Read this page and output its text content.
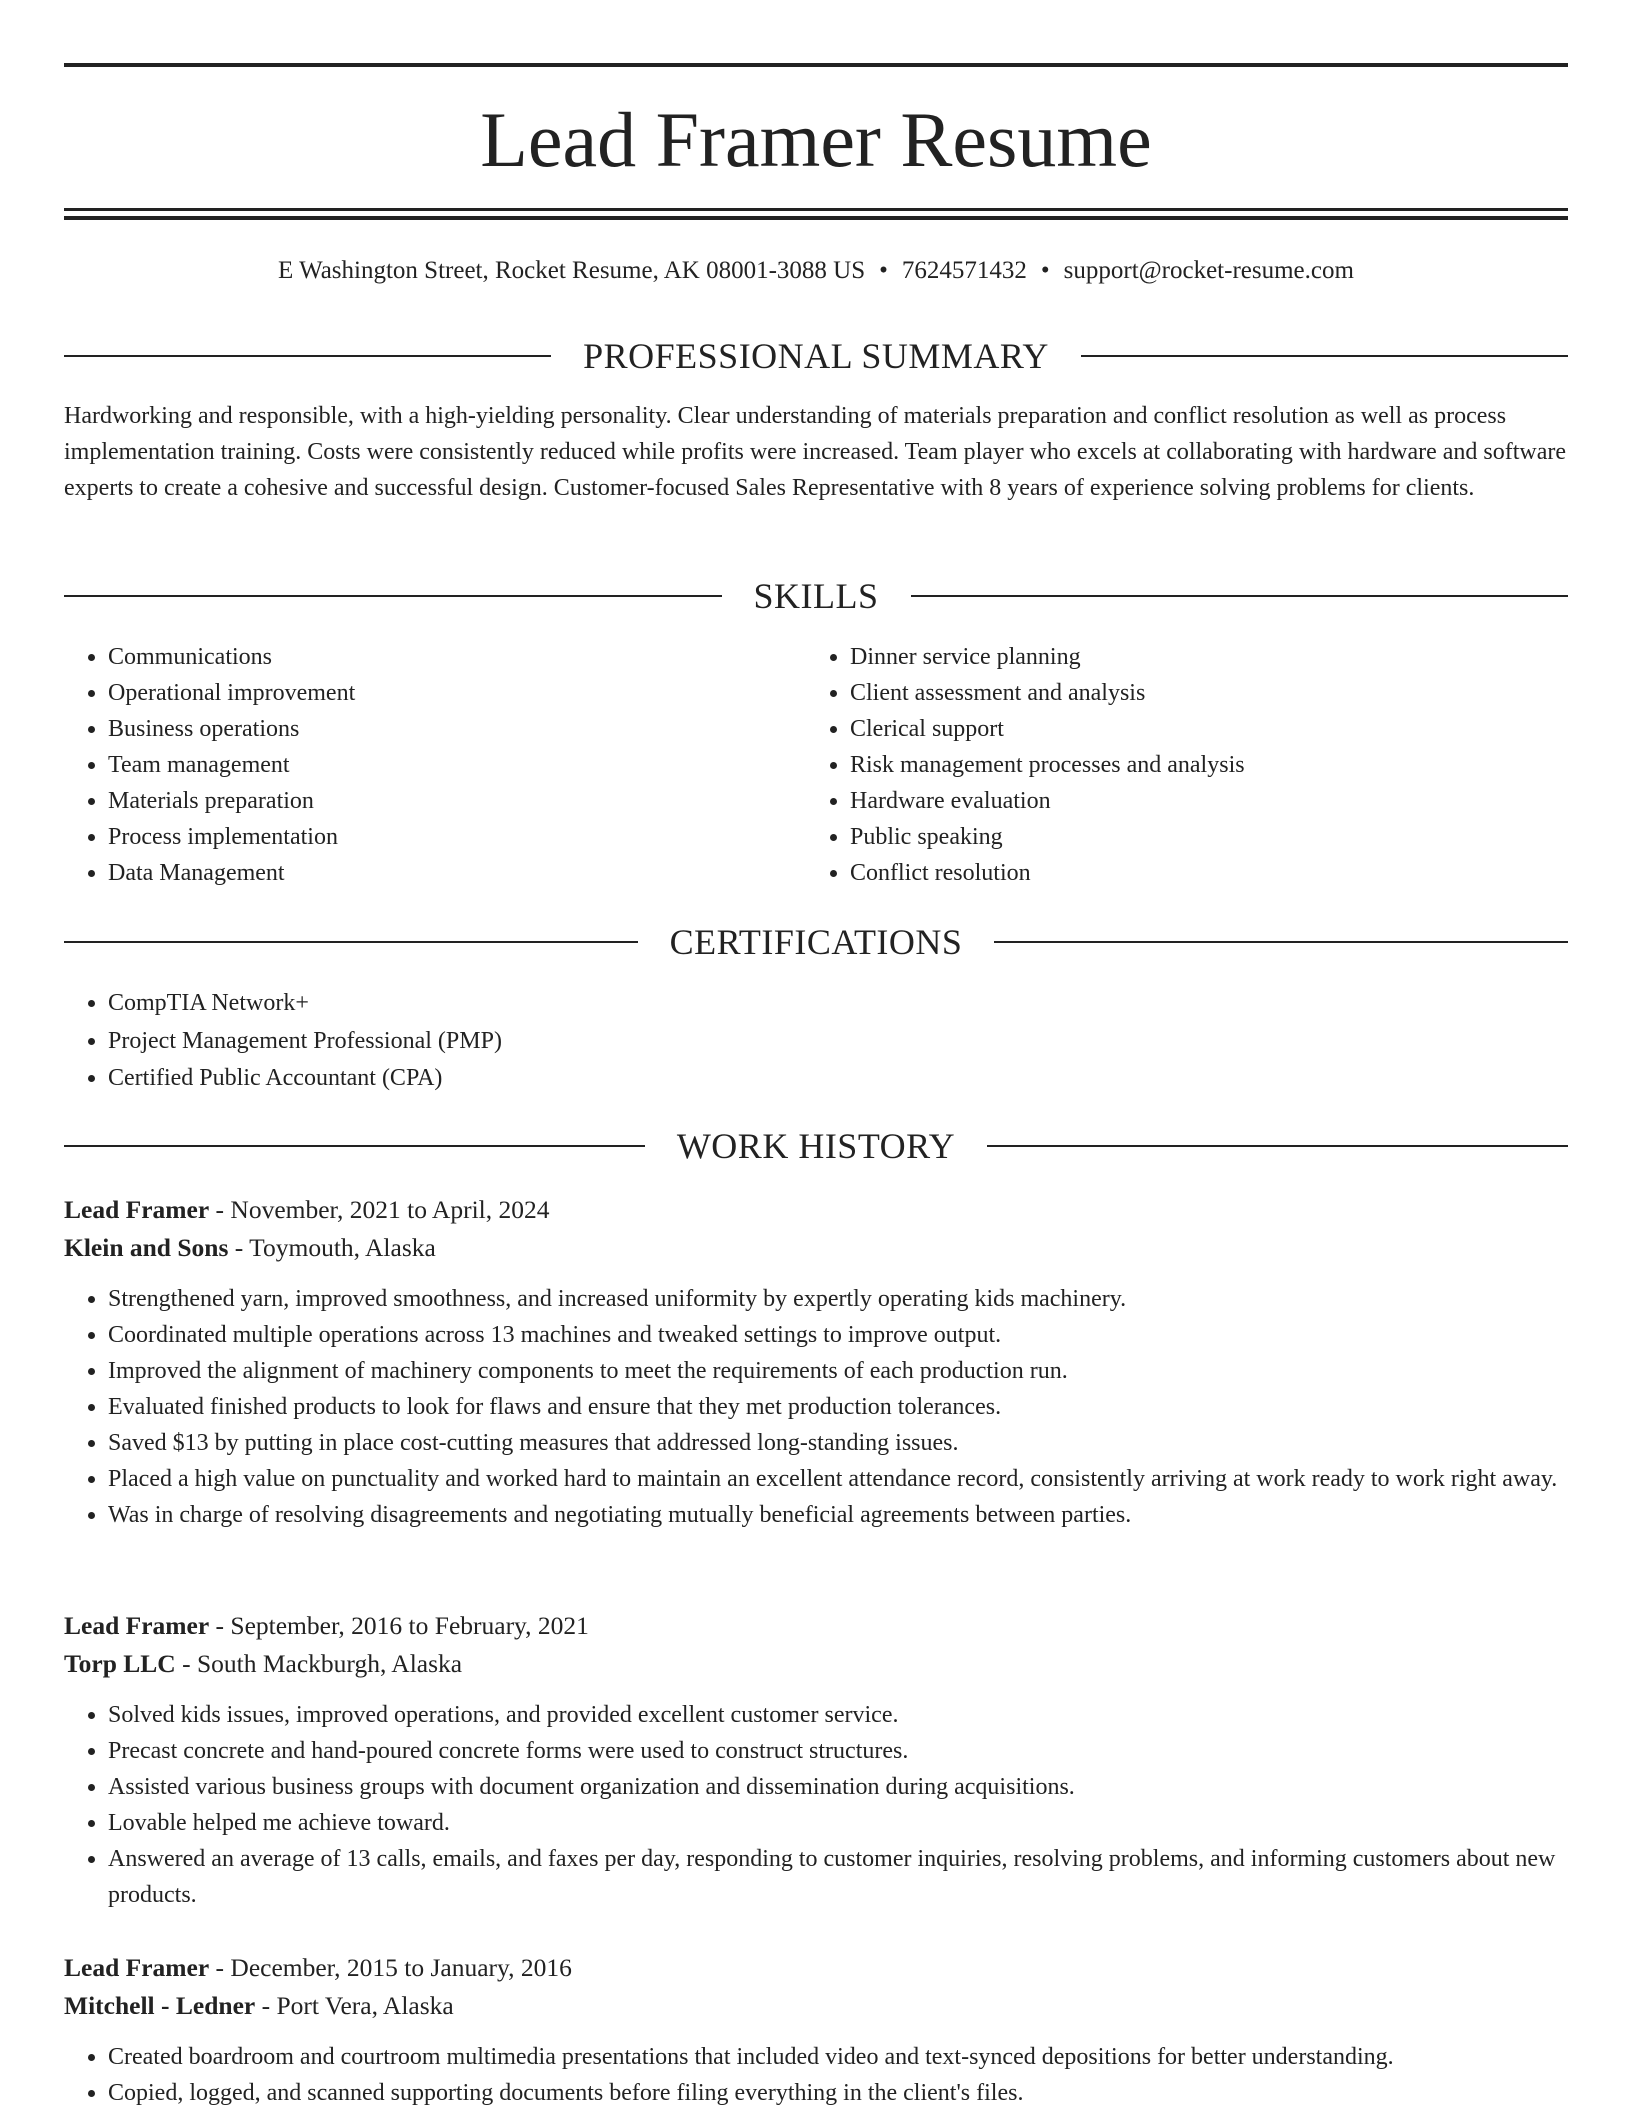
Lead Framer Resume
E Washington Street, Rocket Resume, AK 08001-3088 US • 7624571432 • support@rocket-resume.com
PROFESSIONAL SUMMARY

Hardworking and responsible, with a high-yielding personality. Clear understanding of materials preparation and conflict resolution as well as process implementation training. Costs were consistently reduced while profits were increased. Team player who excels at collaborating with hardware and software experts to create a cohesive and successful design. Customer-focused Sales Representative with 8 years of experience solving problems for clients.

SKILLS
• Communications
• Operational improvement
• Business operations
• Team management
• Materials preparation
• Process implementation
• Data Management
• Dinner service planning
• Client assessment and analysis
• Clerical support
• Risk management processes and analysis
• Hardware evaluation
• Public speaking
• Conflict resolution
CERTIFICATIONS
• CompTIA Network+
• Project Management Professional (PMP)
• Certified Public Accountant (CPA)
WORK HISTORY
Lead Framer - November, 2021 to April, 2024
Klein and Sons - Toymouth, Alaska
• Strengthened yarn, improved smoothness, and increased uniformity by expertly operating kids machinery.
• Coordinated multiple operations across 13 machines and tweaked settings to improve output.
• Improved the alignment of machinery components to meet the requirements of each production run.
• Evaluated finished products to look for flaws and ensure that they met production tolerances.
• Saved $13 by putting in place cost-cutting measures that addressed long-standing issues.
• Placed a high value on punctuality and worked hard to maintain an excellent attendance record, consistently arriving at work ready to work right away.
• Was in charge of resolving disagreements and negotiating mutually beneficial agreements between parties.
Lead Framer - September, 2016 to February, 2021
Torp LLC - South Mackburgh, Alaska
• Solved kids issues, improved operations, and provided excellent customer service.
• Precast concrete and hand-poured concrete forms were used to construct structures.
• Assisted various business groups with document organization and dissemination during acquisitions.
• Lovable helped me achieve toward.
• Answered an average of 13 calls, emails, and faxes per day, responding to customer inquiries, resolving problems, and informing customers about new products.
Lead Framer - December, 2015 to January, 2016
Mitchell - Ledner - Port Vera, Alaska
• Created boardroom and courtroom multimedia presentations that included video and text-synced depositions for better understanding.
• Copied, logged, and scanned supporting documents before filing everything in the client's files.
